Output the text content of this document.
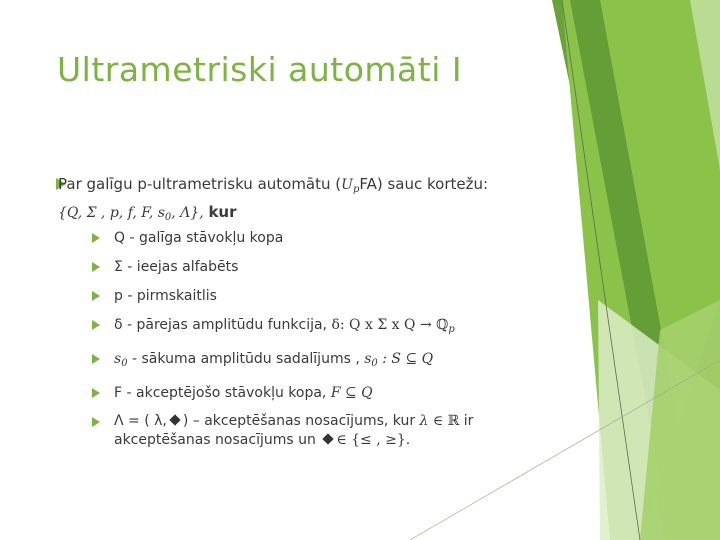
Ultrametriski automāti I
Par galīgu p-ultrametrisku automātu $(U_pFA)$ sauc kortežu:
{Q, Σ , p, f, F, $s_0$, Λ}, kur
Q - galīga stāvokļu kopa
Σ - ieejas alfabēts
p - pirmskaitlis
δ - pārejas amplitūdu funkcija, δ: Q x Σ x Q → ℚ$_p$
$s_0$ - sākuma amplitūdu sadalījums , $s_0$ : S ⊆ Q
F - akceptējošo stāvokļu kopa, F ⊆ Q
Λ = ( λ, ) – akceptēšanas nosacījums, kur λ ∈ ℝ ir
akceptēšanas nosacījums un ∈ {≤ , ≥}.
